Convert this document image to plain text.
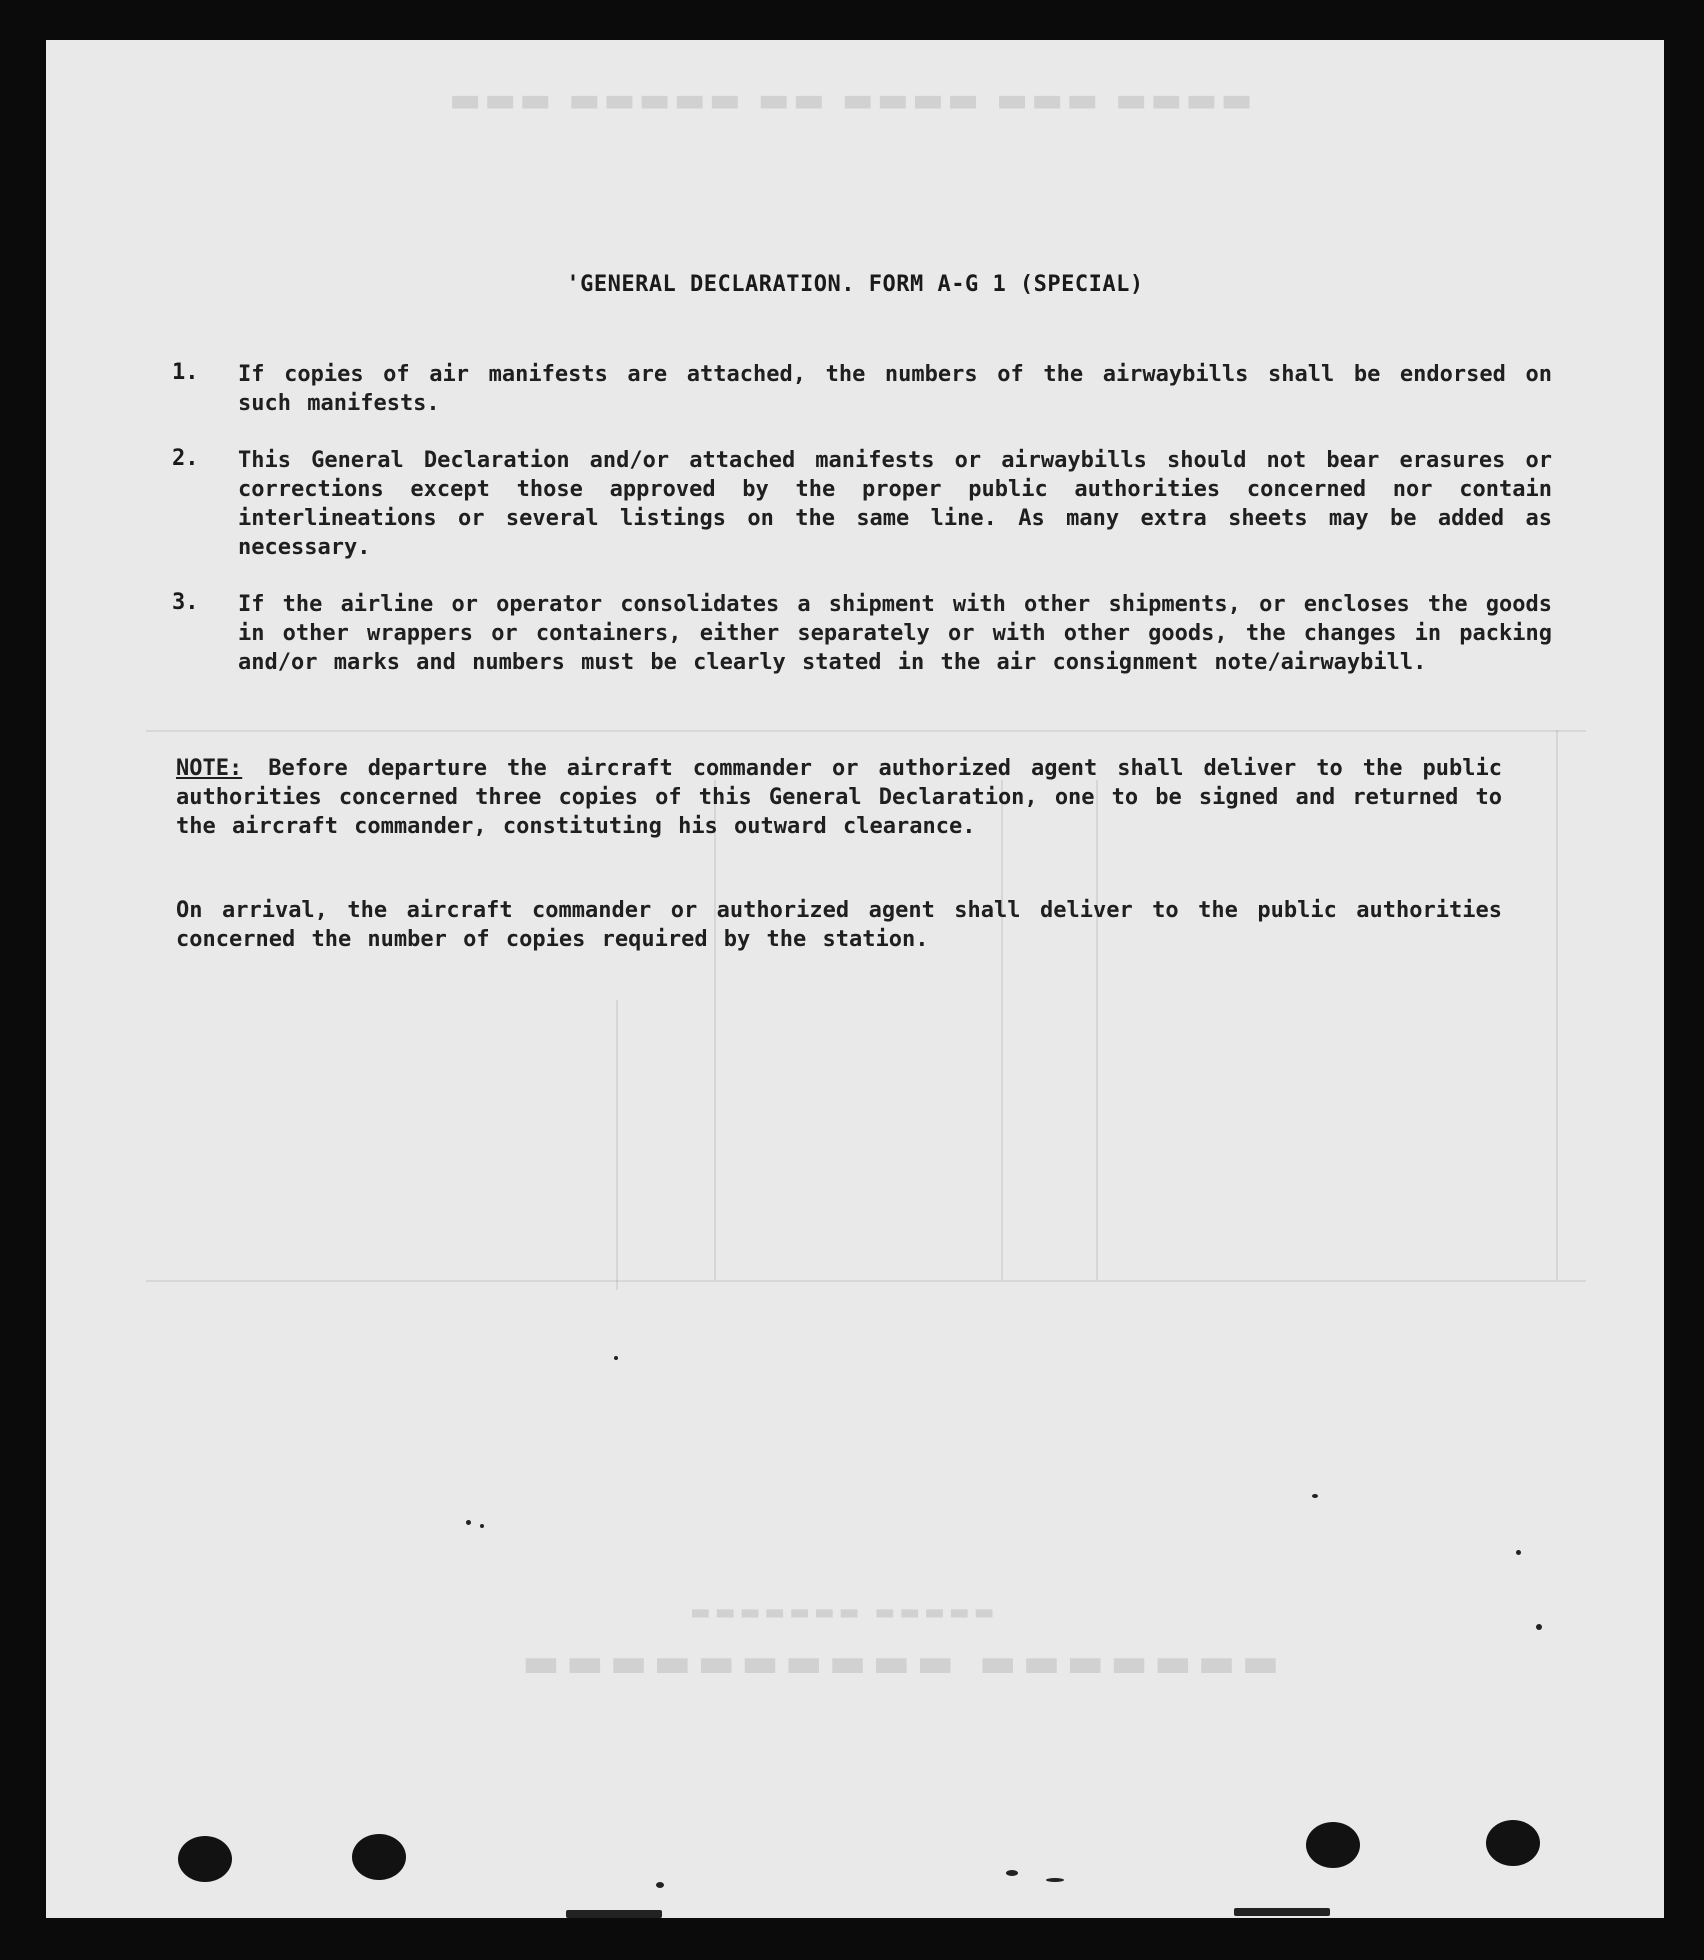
▬▬▬▬ ▬▬▬ ▬▬▬▬ ▬▬ ▬▬▬▬▬ ▬▬▬
▬▬▬▬▬▬▬ ▬▬▬▬▬▬▬▬▬▬
▬▬▬▬▬ ▬▬▬▬▬▬▬
'GENERAL DECLARATION. FORM A-G 1 (SPECIAL)
1.	If copies of air manifests are attached, the numbers of the airwaybills shall be endorsed on such manifests.
2.	This General Declaration and/or attached manifests or airwaybills should not bear erasures or corrections except those approved by the proper public authorities concerned nor contain interlineations or several listings on the same line. As many extra sheets may be added as necessary.
3.	If the airline or operator consolidates a shipment with other shipments, or encloses the goods in other wrappers or containers, either separately or with other goods, the changes in packing and/or marks and numbers must be clearly stated in the air consignment note/airwaybill.
NOTE: Before departure the aircraft commander or authorized agent shall deliver to the public authorities concerned three copies of this General Declaration, one to be signed and returned to the aircraft commander, constituting his outward clearance.
On arrival, the aircraft commander or authorized agent shall deliver to the public authorities concerned the number of copies required by the station.
